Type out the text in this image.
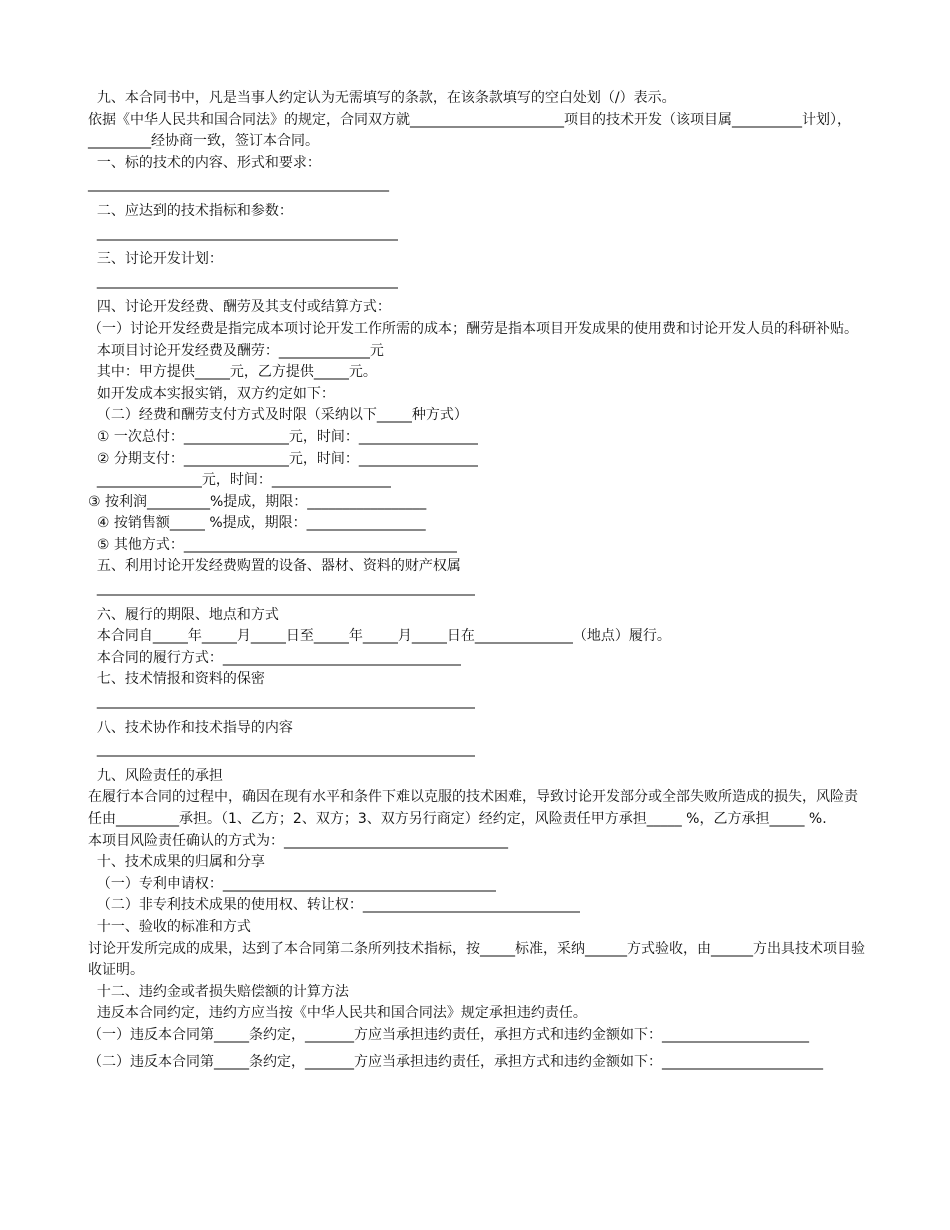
九、本合同书中，凡是当事人约定认为无需填写的条款，在该条款填写的空白处划（/）表示。
依据《中华人民共和国合同法》的规定，合同双方就______________________项目的技术开发（该项目属__________计划），_________经协商一致，签订本合同。
一、标的技术的内容、形式和要求：
___________________________________________
二、应达到的技术指标和参数：
___________________________________________
三、讨论开发计划：
___________________________________________
四、讨论开发经费、酬劳及其支付或结算方式：
（一）讨论开发经费是指完成本项讨论开发工作所需的成本；酬劳是指本项目开发成果的使用费和讨论开发人员的科研补贴。
本项目讨论开发经费及酬劳：_____________元
其中：甲方提供_____元，乙方提供_____元。
如开发成本实报实销，双方约定如下：
（二）经费和酬劳支付方式及时限（采纳以下_____种方式）
① 一次总付：_______________元，时间：_________________
② 分期支付：_______________元，时间：_________________
_______________元，时间：_________________
③ 按利润_________%提成，期限：_________________
④ 按销售额_____ %提成，期限：_________________
⑤ 其他方式：_______________________________________
五、利用讨论开发经费购置的设备、器材、资料的财产权属
______________________________________________________
六、履行的期限、地点和方式
本合同自_____年_____月_____日至_____年_____月_____日在______________（地点）履行。
本合同的履行方式：__________________________________
七、技术情报和资料的保密
______________________________________________________
八、技术协作和技术指导的内容
______________________________________________________
九、风险责任的承担
在履行本合同的过程中，确因在现有水平和条件下难以克服的技术困难，导致讨论开发部分或全部失败所造成的损失，风险责任由_________承担。（1、乙方；2、双方；3、双方另行商定）经约定，风险责任甲方承担_____ %，乙方承担_____ %.
本项目风险责任确认的方式为：________________________________
十、技术成果的归属和分享
（一）专利申请权：_______________________________________
（二）非专利技术成果的使用权、转让权：_______________________________
十一、验收的标准和方式
讨论开发所完成的成果，达到了本合同第二条所列技术指标，按_____标准，采纳______方式验收，由______方出具技术项目验收证明。
十二、违约金或者损失赔偿额的计算方法
违反本合同约定，违约方应当按《中华人民共和国合同法》规定承担违约责任。
（一）违反本合同第_____条约定，_______方应当承担违约责任，承担方式和违约金额如下：_____________________
（二）违反本合同第_____条约定，_______方应当承担违约责任，承担方式和违约金额如下：_______________________
